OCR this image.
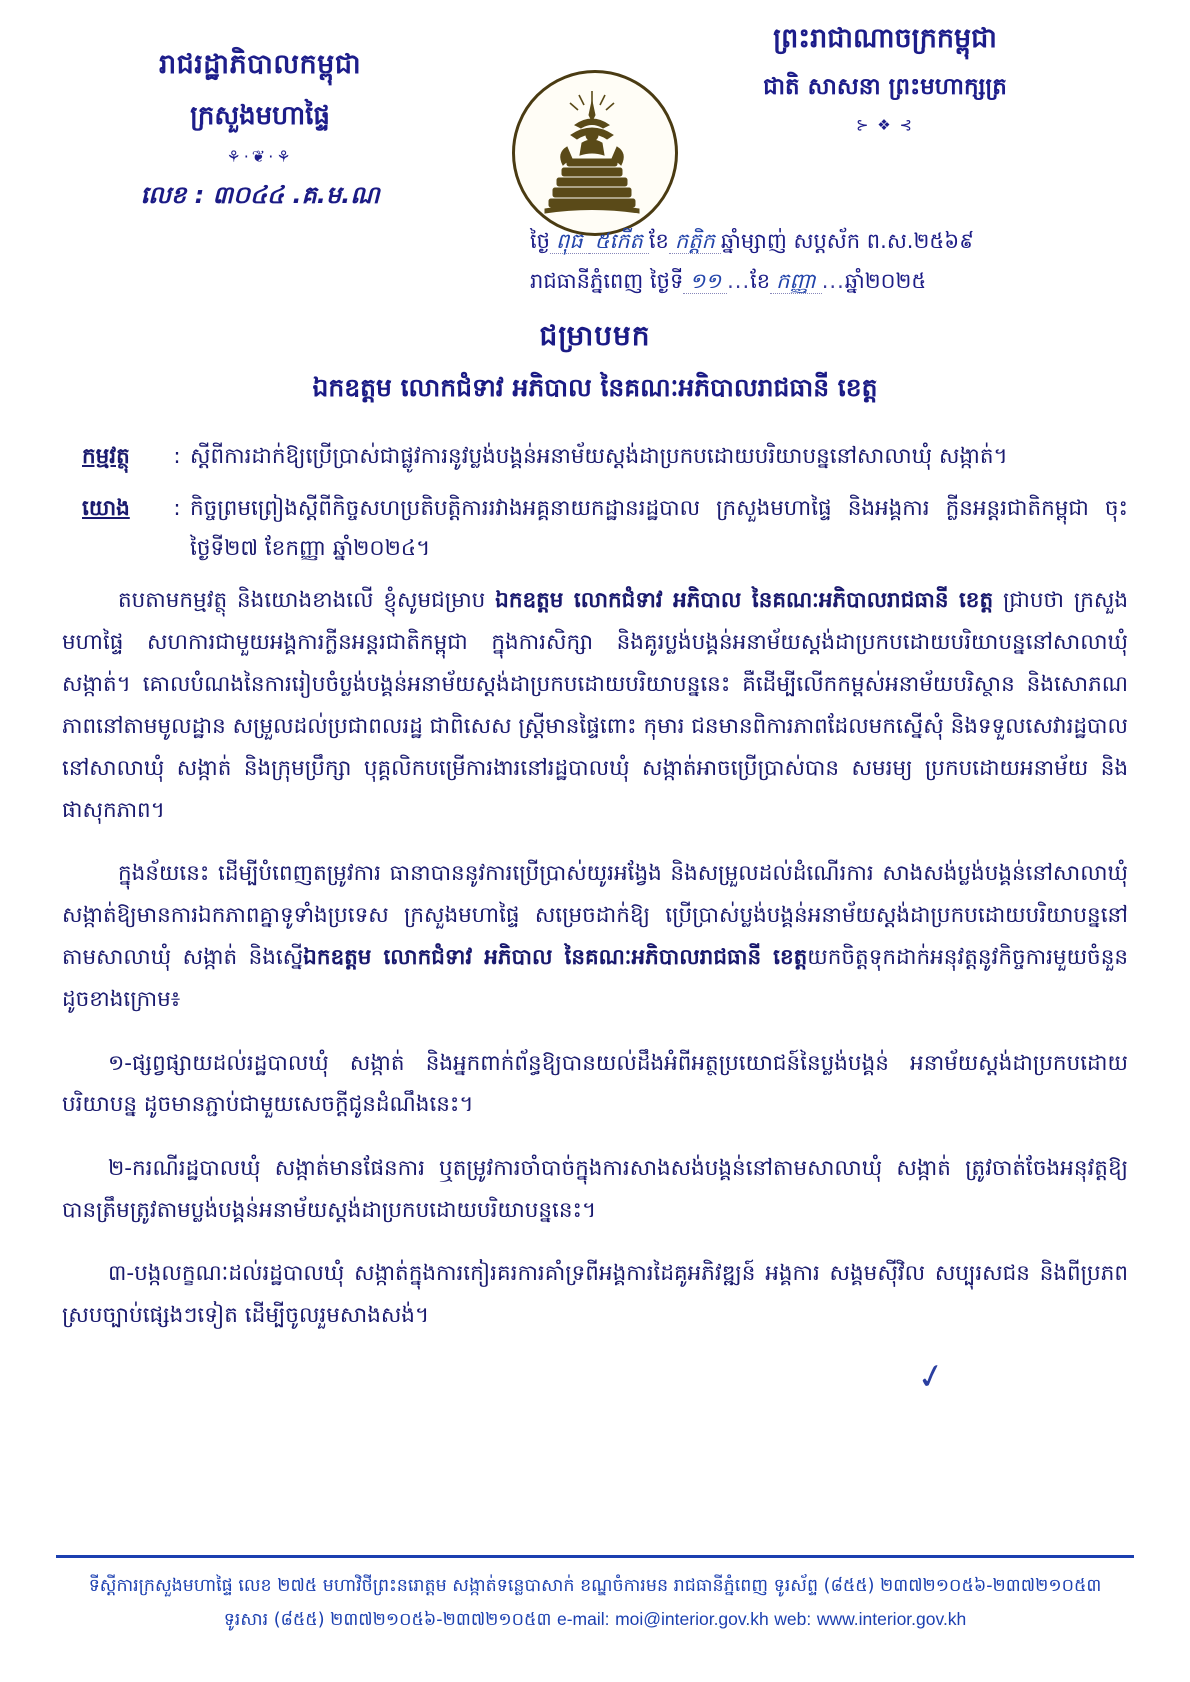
រាជរដ្ឋាភិបាលកម្ពុជា
ក្រសួងមហាផ្ទៃ
⚘·❦·⚘
លេខ : ៣០៤៤ .គ.ម.ណ
ព្រះរាជាណាចក្រកម្ពុជា
ជាតិ សាសនា ព្រះមហាក្សត្រ
⊱ ❖ ⊰
ថ្ងៃ ពុធ ៥កើត ខែ កត្តិក ឆ្នាំម្សាញ់ សប្ដស័ក ព.ស.២៥៦៩
រាជធានីភ្នំពេញ ថ្ងៃទី ១១ ...ខែ កញ្ញា ...ឆ្នាំ២០២៥
ជម្រាបមក
ឯកឧត្តម លោកជំទាវ អភិបាល នៃគណៈអភិបាលរាជធានី ខេត្ត
កម្មវត្ថុ	: ស្ដីពីការដាក់ឱ្យប្រើប្រាស់ជាផ្លូវការនូវប្លង់បង្គន់អនាម័យស្ដង់ដាប្រកបដោយបរិយាបន្ននៅសាលាឃុំ សង្កាត់។
យោង	: កិច្ចព្រមព្រៀងស្ដីពីកិច្ចសហប្រតិបត្តិការរវាងអគ្គនាយកដ្ឋានរដ្ឋបាល ក្រសួងមហាផ្ទៃ និងអង្គការ ក្លីនអន្តរជាតិកម្ពុជា ចុះថ្ងៃទី២៧ ខែកញ្ញា ឆ្នាំ២០២៤។

តបតាមកម្មវត្ថុ និងយោងខាងលើ ខ្ញុំសូមជម្រាប ឯកឧត្តម លោកជំទាវ អភិបាល នៃគណៈអភិបាលរាជធានី ខេត្ត ជ្រាបថា ក្រសួងមហាផ្ទៃ សហការជាមួយអង្គការក្លីនអន្តរជាតិកម្ពុជា ក្នុងការសិក្សា និងគូរប្លង់បង្គន់អនាម័យស្ដង់ដាប្រកបដោយបរិយាបន្ននៅសាលាឃុំ សង្កាត់។ គោលបំណងនៃការរៀបចំប្លង់បង្គន់អនាម័យស្ដង់ដាប្រកបដោយបរិយាបន្ននេះ គឺដើម្បីលើកកម្ពស់អនាម័យបរិស្ថាន និងសោភណភាពនៅតាមមូលដ្ឋាន សម្រួលដល់ប្រជាពលរដ្ឋ ជាពិសេស ស្ត្រីមានផ្ទៃពោះ កុមារ ជនមានពិការភាពដែលមកស្នើសុំ និងទទួលសេវារដ្ឋបាល នៅសាលាឃុំ សង្កាត់ និងក្រុមប្រឹក្សា បុគ្គលិកបម្រើការងារនៅរដ្ឋបាលឃុំ សង្កាត់អាចប្រើប្រាស់បាន សមរម្យ ប្រកបដោយអនាម័យ និងផាសុកភាព។

ក្នុងន័យនេះ ដើម្បីបំពេញតម្រូវការ ធានាបាននូវការប្រើប្រាស់យូរអង្វែង និងសម្រួលដល់ដំណើរការ សាងសង់ប្លង់បង្គន់នៅសាលាឃុំ សង្កាត់ឱ្យមានការឯកភាពគ្នាទូទាំងប្រទេស ក្រសួងមហាផ្ទៃ សម្រេចដាក់ឱ្យ ប្រើប្រាស់ប្លង់បង្គន់អនាម័យស្ដង់ដាប្រកបដោយបរិយាបន្ននៅតាមសាលាឃុំ សង្កាត់ និងស្នើឯកឧត្តម លោកជំទាវ អភិបាល នៃគណៈអភិបាលរាជធានី ខេត្តយកចិត្តទុកដាក់អនុវត្តនូវកិច្ចការមួយចំនួន ដូចខាងក្រោម៖

១-ផ្សព្វផ្សាយដល់រដ្ឋបាលឃុំ សង្កាត់ និងអ្នកពាក់ព័ន្ធឱ្យបានយល់ដឹងអំពីអត្ថប្រយោជន៍នៃប្លង់បង្គន់ អនាម័យស្ដង់ដាប្រកបដោយបរិយាបន្ន ដូចមានភ្ជាប់ជាមួយសេចក្ដីជូនដំណឹងនេះ។

២-ករណីរដ្ឋបាលឃុំ សង្កាត់មានផែនការ ឬតម្រូវការចាំបាច់ក្នុងការសាងសង់បង្គន់នៅតាមសាលាឃុំ សង្កាត់ ត្រូវចាត់ចែងអនុវត្តឱ្យបានត្រឹមត្រូវតាមប្លង់បង្គន់អនាម័យស្ដង់ដាប្រកបដោយបរិយាបន្ននេះ។

៣-បង្កលក្ខណៈដល់រដ្ឋបាលឃុំ សង្កាត់ក្នុងការកៀរគរការគាំទ្រពីអង្គការដៃគូអភិវឌ្ឍន៍ អង្គការ សង្គមស៊ីវិល សប្បុរសជន និងពីប្រភពស្របច្បាប់ផ្សេងៗទៀត ដើម្បីចូលរួមសាងសង់។

✓
ទីស្ដីការក្រសួងមហាផ្ទៃ លេខ ២៧៥ មហាវិថីព្រះនរោត្តម សង្កាត់ទន្លេបាសាក់ ខណ្ឌចំការមន រាជធានីភ្នំពេញ ទូរស័ព្ទ (៨៥៥) ២៣៧២១០៥៦-២៣៧២១០៥៣
ទូរសារ (៨៥៥) ២៣៧២១០៥៦-២៣៧២១០៥៣ e-mail: moi@interior.gov.kh web: www.interior.gov.kh
